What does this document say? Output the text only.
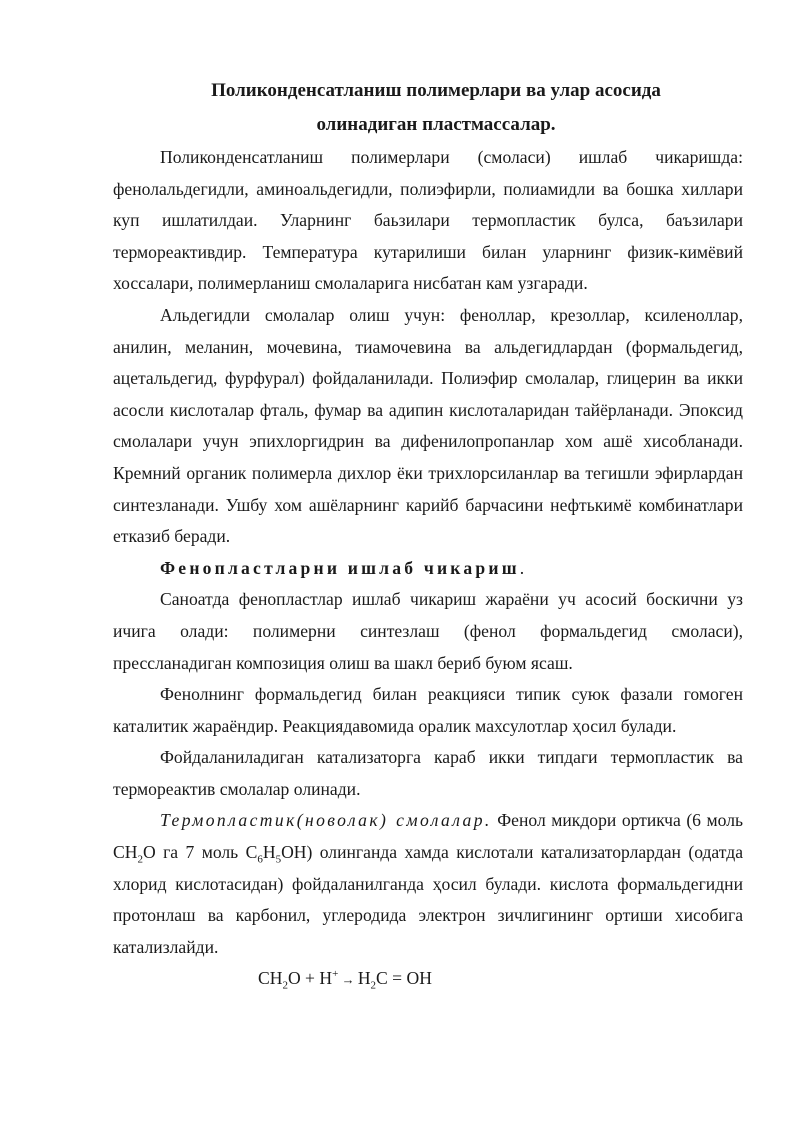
Поликонденсатланиш полимерлари ва улар асосида
олинадиган пластмассалар.

Поликонденсатланиш полимерлари (смоласи) ишлаб чикаришда: фенолальдегидли, аминоальдегидли, полиэфирли, полиамидли ва бошка хиллари куп ишлатилдаи. Уларнинг баьзилари термопластик булса, баъзилари термореактивдир. Температура кутарилиши билан уларнинг физик-кимёвий хоссалари, полимерланиш смолаларига нисбатан кам узгаради.

Альдегидли смолалар олиш учун: феноллар, крезоллар, ксиленоллар, анилин, меланин, мочевина, тиамочевина ва альдегидлардан (формальдегид, ацетальдегид, фурфурал) фойдаланилади. Полиэфир смолалар, глицерин ва икки асосли кислоталар фталь, фумар ва адипин кислоталаридан тайёрланади. Эпоксид смолалари учун эпихлоргидрин ва дифенилопропанлар хом ашё хисобланади. Кремний органик полимерла дихлор ёки трихлорсиланлар ва тегишли эфирлардан синтезланади. Ушбу хом ашёларнинг карийб барчасини нефтькимё комбинатлари етказиб беради.

Фенопластларни ишлаб чикариш.

Саноатда фенопластлар ишлаб чикариш жараёни уч асосий боскични уз ичига олади: полимерни синтезлаш (фенол формальдегид смоласи), прессланадиган композиция олиш ва шакл бериб буюм ясаш.

Фенолнинг формальдегид билан реакцияси типик суюк фазали гомоген каталитик жараёндир. Реакциядавомида оралик махсулотлар ҳосил булади.

Фойдаланиладиган катализаторга караб икки типдаги термопластик ва термореактив смолалар олинади.

Термопластик(новолак) смолалар. Фенол микдори ортикча (6 моль $CH_2O$ га 7 моль $C_6H_5OH$) олинганда хамда кислотали катализаторлардан (одатда хлорид кислотасидан) фойдаланилганда ҳосил булади. кислота формальдегидни протонлаш ва карбонил, углеродида электрон зичлигининг ортиши хисобига катализлайди.

$CH_2O + H^+ \to H_2C$ = OH
